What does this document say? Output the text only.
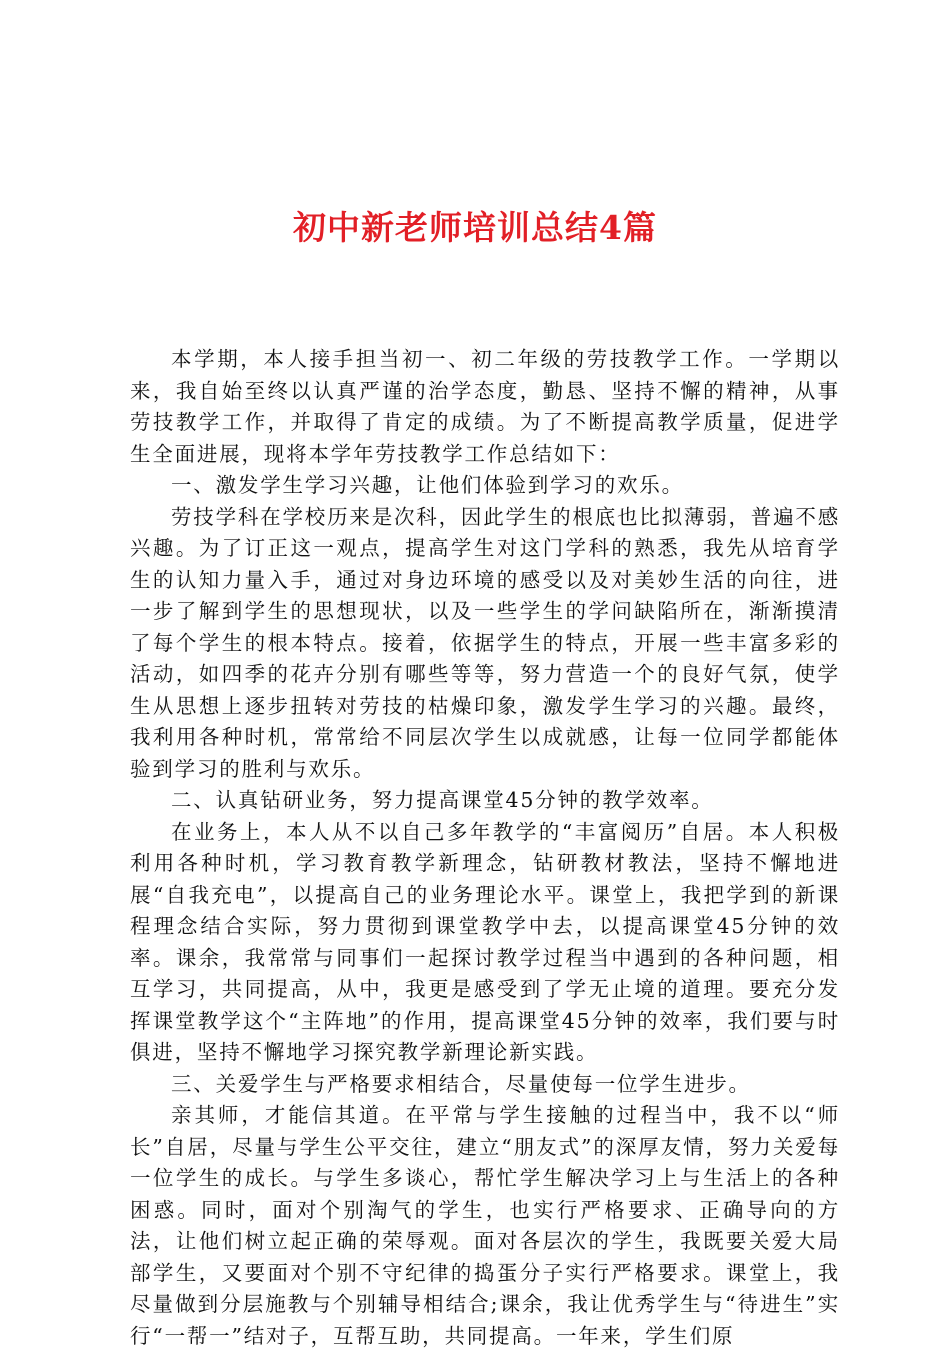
初中新老师培训总结4篇

本学期，本人接手担当初一、初二年级的劳技教学工作。一学期以来，我自始至终以认真严谨的治学态度，勤恳、坚持不懈的精神，从事劳技教学工作，并取得了肯定的成绩。为了不断提高教学质量，促进学生全面进展，现将本学年劳技教学工作总结如下：

一、激发学生学习兴趣，让他们体验到学习的欢乐。

劳技学科在学校历来是次科，因此学生的根底也比拟薄弱，普遍不感兴趣。为了订正这一观点，提高学生对这门学科的熟悉，我先从培育学生的认知力量入手，通过对身边环境的感受以及对美妙生活的向往，进一步了解到学生的思想现状，以及一些学生的学问缺陷所在，渐渐摸清了每个学生的根本特点。接着，依据学生的特点，开展一些丰富多彩的活动，如四季的花卉分别有哪些等等，努力营造一个的良好气氛，使学生从思想上逐步扭转对劳技的枯燥印象，激发学生学习的兴趣。最终，我利用各种时机，常常给不同层次学生以成就感，让每一位同学都能体验到学习的胜利与欢乐。

二、认真钻研业务，努力提高课堂45分钟的教学效率。

在业务上，本人从不以自己多年教学的“丰富阅历”自居。本人积极利用各种时机，学习教育教学新理念，钻研教材教法，坚持不懈地进展“自我充电”，以提高自己的业务理论水平。课堂上，我把学到的新课程理念结合实际，努力贯彻到课堂教学中去，以提高课堂45分钟的效率。课余，我常常与同事们一起探讨教学过程当中遇到的各种问题，相互学习，共同提高，从中，我更是感受到了学无止境的道理。要充分发挥课堂教学这个“主阵地”的作用，提高课堂45分钟的效率，我们要与时俱进，坚持不懈地学习探究教学新理论新实践。

三、关爱学生与严格要求相结合，尽量使每一位学生进步。

亲其师，才能信其道。在平常与学生接触的过程当中，我不以“师长”自居，尽量与学生公平交往，建立“朋友式”的深厚友情，努力关爱每一位学生的成长。与学生多谈心，帮忙学生解决学习上与生活上的各种困惑。同时，面对个别淘气的学生，也实行严格要求、正确导向的方法，让他们树立起正确的荣辱观。面对各层次的学生，我既要关爱大局部学生，又要面对个别不守纪律的捣蛋分子实行严格要求。课堂上，我尽量做到分层施教与个别辅导相结合;课余，我让优秀学生与“待进生”实行“一帮一”结对子，互帮互助，共同提高。一年来，学生们原
